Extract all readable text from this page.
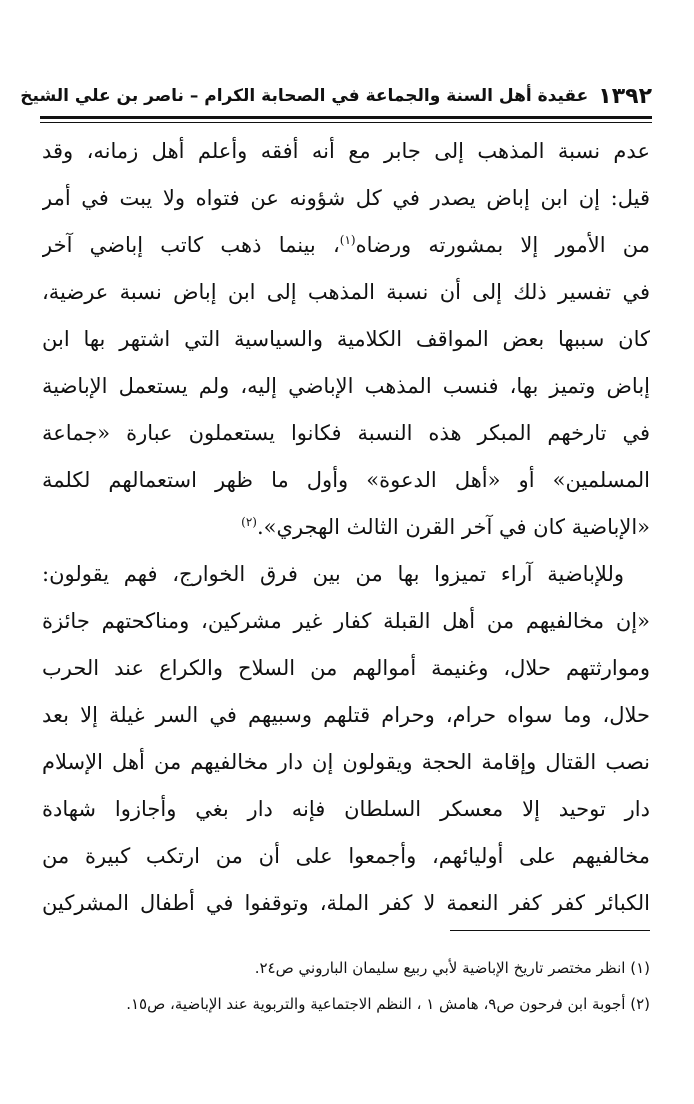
١٣٩٢
عقيدة أهل السنة والجماعة في الصحابة الكرام – ناصر بن علي الشيخ
عدم نسبة المذهب إلى جابر مع أنه أفقه وأعلم أهل زمانه، وقد
قيل: إن ابن إباض يصدر في كل شؤونه عن فتواه ولا يبت في أمر
من الأمور إلا بمشورته ورضاه$^{(١)}$، بينما ذهب كاتب إباضي آخر
في تفسير ذلك إلى أن نسبة المذهب إلى ابن إباض نسبة عرضية،
كان سببها بعض المواقف الكلامية والسياسية التي اشتهر بها ابن
إباض وتميز بها، فنسب المذهب الإباضي إليه، ولم يستعمل الإباضية
في تارخهم المبكر هذه النسبة فكانوا يستعملون عبارة «جماعة
المسلمين» أو «أهل الدعوة» وأول ما ظهر استعمالهم لكلمة
«الإباضية كان في آخر القرن الثالث الهجري».$^{(٢)}$
وللإباضية آراء تميزوا بها من بين فرق الخوارج، فهم يقولون:
«إن مخالفيهم من أهل القبلة كفار غير مشركين، ومناكحتهم جائزة
وموارثتهم حلال، وغنيمة أموالهم من السلاح والكراع عند الحرب
حلال، وما سواه حرام، وحرام قتلهم وسبيهم في السر غيلة إلا بعد
نصب القتال وإقامة الحجة ويقولون إن دار مخالفيهم من أهل الإسلام
دار توحيد إلا معسكر السلطان فإنه دار بغي وأجازوا شهادة
مخالفيهم على أوليائهم، وأجمعوا على أن من ارتكب كبيرة من
الكبائر كفر كفر النعمة لا كفر الملة، وتوقفوا في أطفال المشركين
(١) انظر مختصر تاريخ الإباضية لأبي ربيع سليمان الباروني ص٢٤.
(٢) أجوبة ابن فرحون ص٩، هامش ١ ، النظم الاجتماعية والتربوية عند الإباضية، ص١٥.
